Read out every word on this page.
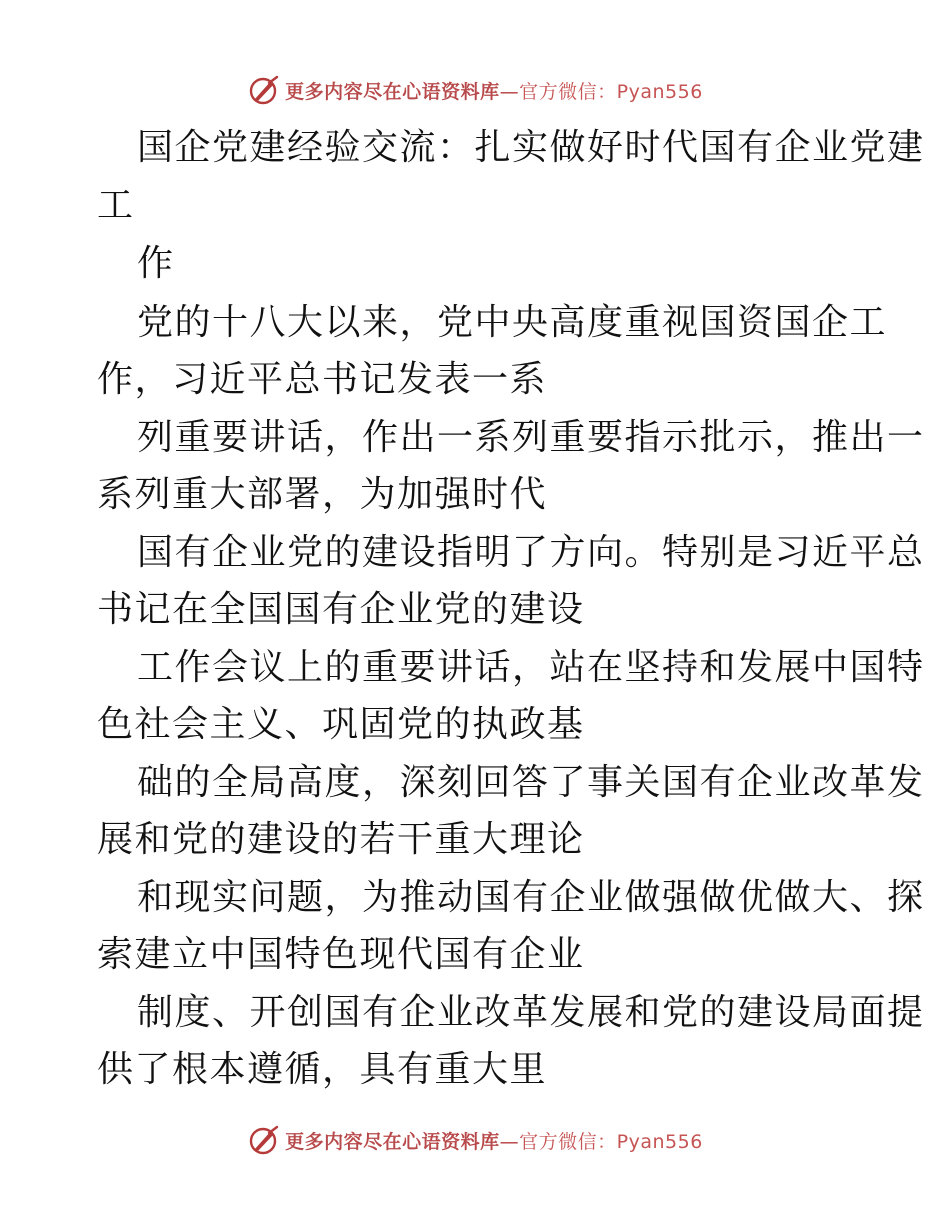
更多内容尽在心语资料库—官方微信：Pyan556
国企党建经验交流：扎实做好时代国有企业党建
工
作
党的十八大以来，党中央高度重视国资国企工
作，习近平总书记发表一系
列重要讲话，作出一系列重要指示批示，推出一
系列重大部署，为加强时代
国有企业党的建设指明了方向。特别是习近平总
书记在全国国有企业党的建设
工作会议上的重要讲话，站在坚持和发展中国特
色社会主义、巩固党的执政基
础的全局高度，深刻回答了事关国有企业改革发
展和党的建设的若干重大理论
和现实问题，为推动国有企业做强做优做大、探
索建立中国特色现代国有企业
制度、开创国有企业改革发展和党的建设局面提
供了根本遵循，具有重大里
更多内容尽在心语资料库—官方微信：Pyan556
